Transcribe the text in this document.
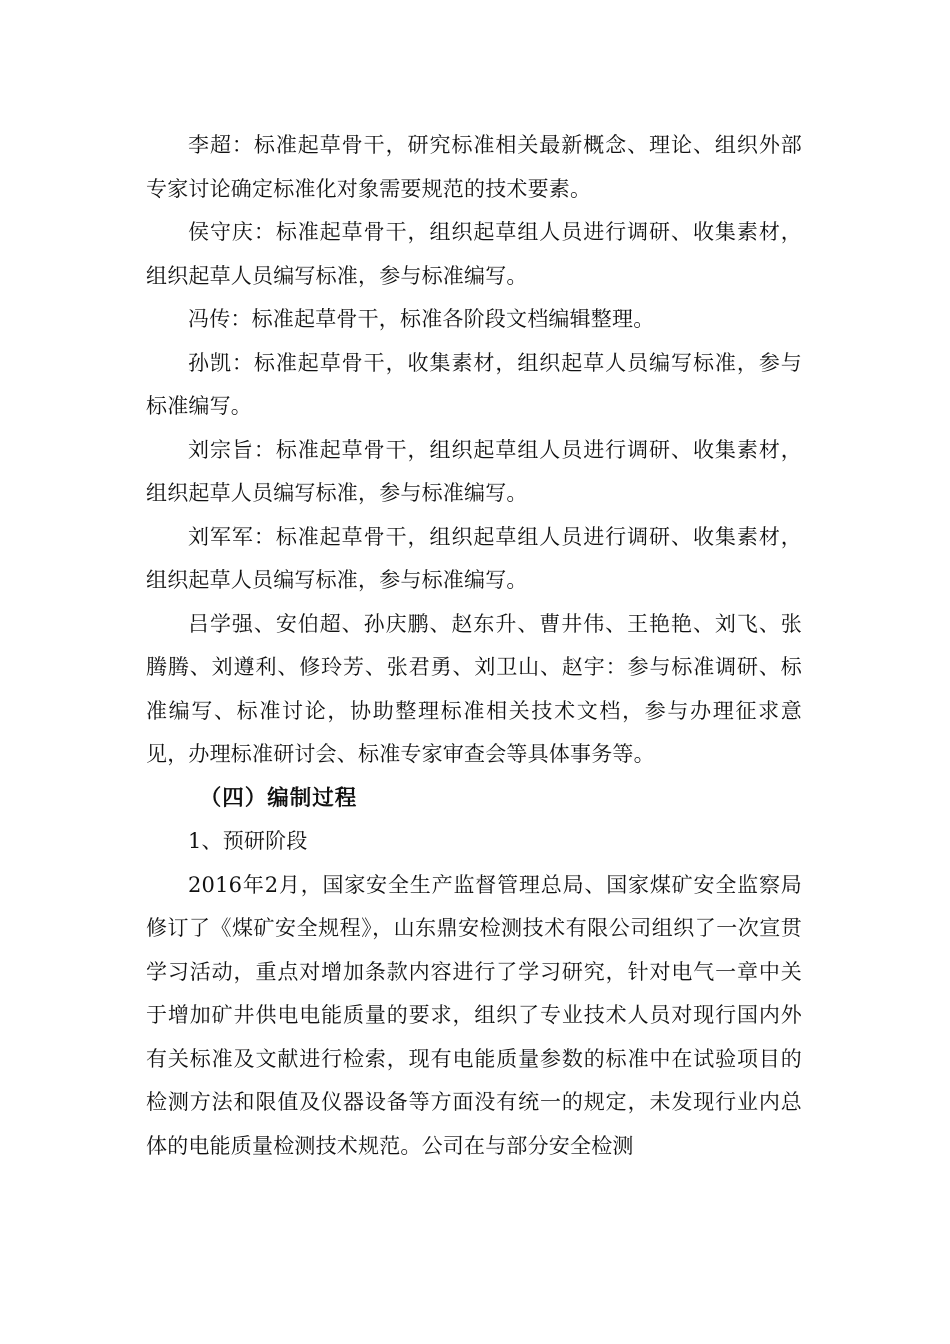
李超：标准起草骨干，研究标准相关最新概念、理论、组织外部专家讨论确定标准化对象需要规范的技术要素。

侯守庆：标准起草骨干，组织起草组人员进行调研、收集素材，组织起草人员编写标准，参与标准编写。

冯传：标准起草骨干，标准各阶段文档编辑整理。

孙凯：标准起草骨干，收集素材，组织起草人员编写标准，参与标准编写。

刘宗旨：标准起草骨干，组织起草组人员进行调研、收集素材，组织起草人员编写标准，参与标准编写。

刘军军：标准起草骨干，组织起草组人员进行调研、收集素材，组织起草人员编写标准，参与标准编写。

吕学强、安伯超、孙庆鹏、赵东升、曹井伟、王艳艳、刘飞、张腾腾、刘遵利、修玲芳、张君勇、刘卫山、赵宇：参与标准调研、标准编写、标准讨论，协助整理标准相关技术文档，参与办理征求意见，办理标准研讨会、标准专家审查会等具体事务等。

（四）编制过程

1、预研阶段

2016年2月，国家安全生产监督管理总局、国家煤矿安全监察局修订了《煤矿安全规程》，山东鼎安检测技术有限公司组织了一次宣贯学习活动，重点对增加条款内容进行了学习研究，针对电气一章中关于增加矿井供电电能质量的要求，组织了专业技术人员对现行国内外有关标准及文献进行检索，现有电能质量参数的标准中在试验项目的检测方法和限值及仪器设备等方面没有统一的规定，未发现行业内总体的电能质量检测技术规范。公司在与部分安全检测
